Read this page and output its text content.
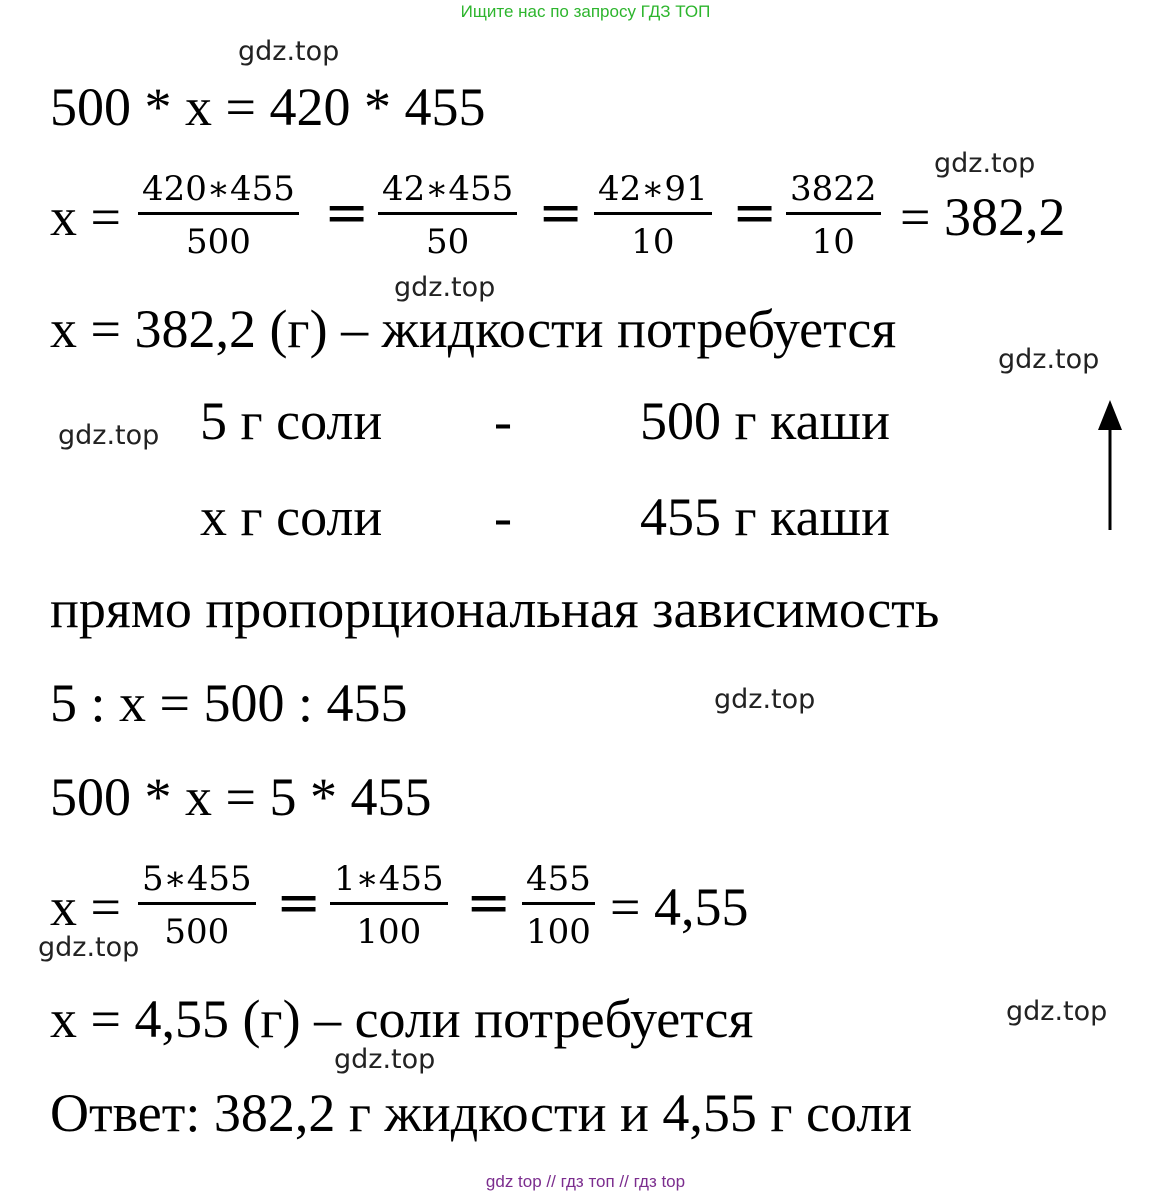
Ищите нас по запросу ГДЗ ТОП
gdz.top
gdz.top
gdz.top
gdz.top
gdz.top
gdz.top
gdz.top
gdz.top
gdz.top
500 * x = 420 * 455
x = 420∗455
500	= 42∗455
50	= 42∗91
10	= 3822
10 = 382,2
x = 382,2 (г) – жидкости потребуется
5 г соли - 500 г каши
x г соли - 455 г каши
прямо пропорциональная зависимость
5 : x = 500 : 455
500 * x = 5 * 455
x = 5∗455
500 = 1∗455
100 = 455
100 = 4,55
x = 4,55 (г) – соли потребуется
Ответ: 382,2 г жидкости и 4,55 г соли
gdz top // гдз топ // гдз top
